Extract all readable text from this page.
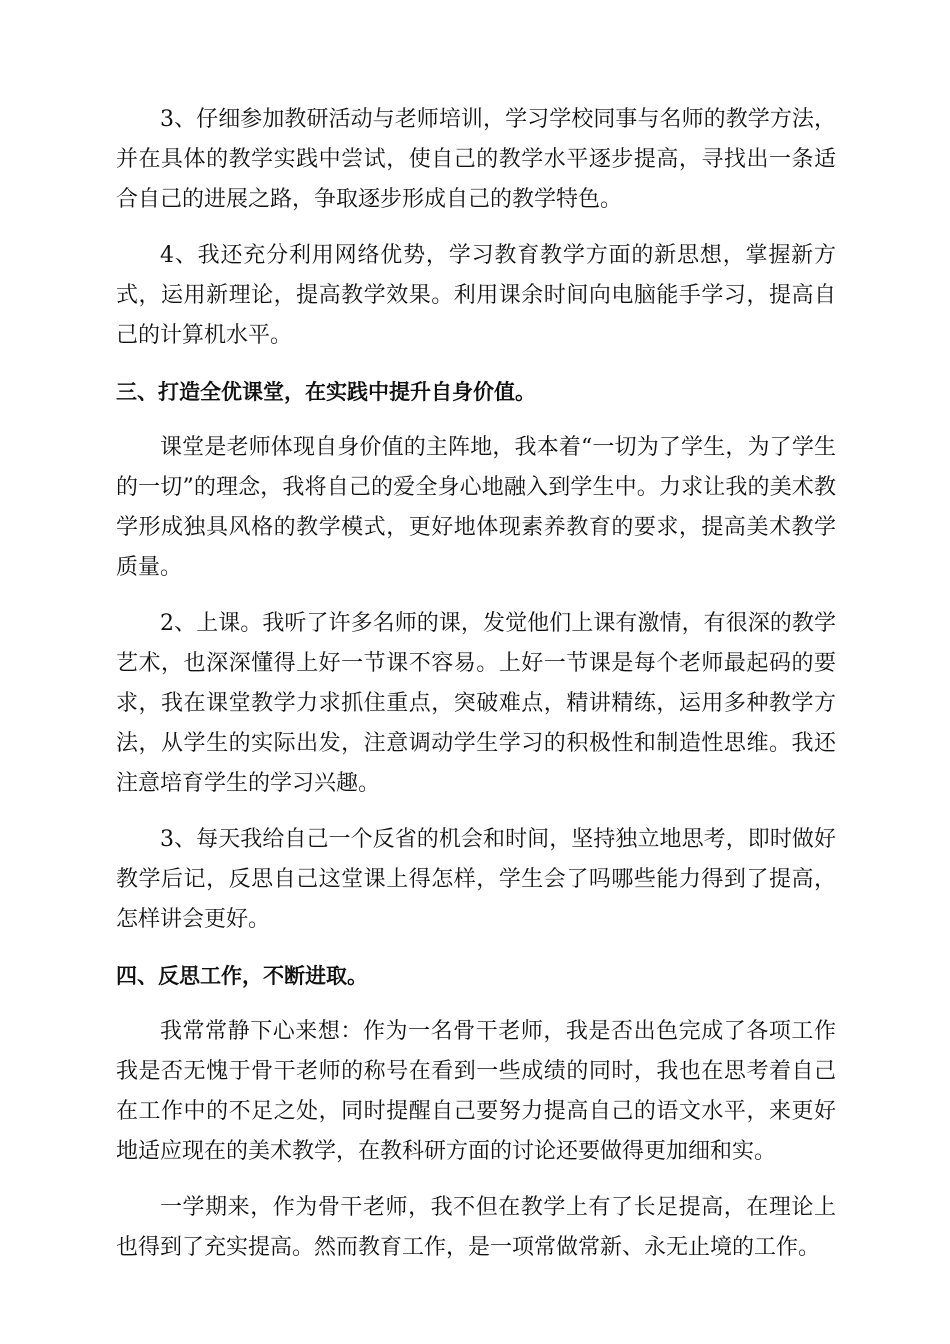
3、仔细参加教研活动与老师培训，学习学校同事与名师的教学方法，并在具体的教学实践中尝试，使自己的教学水平逐步提高，寻找出一条适合自己的进展之路，争取逐步形成自己的教学特色。

4、我还充分利用网络优势，学习教育教学方面的新思想，掌握新方式，运用新理论，提高教学效果。利用课余时间向电脑能手学习，提高自己的计算机水平。

三、打造全优课堂，在实践中提升自身价值。

课堂是老师体现自身价值的主阵地，我本着“一切为了学生，为了学生的一切”的理念，我将自己的爱全身心地融入到学生中。力求让我的美术教学形成独具风格的教学模式，更好地体现素养教育的要求，提高美术教学质量。

2、上课。我听了许多名师的课，发觉他们上课有激情，有很深的教学艺术，也深深懂得上好一节课不容易。上好一节课是每个老师最起码的要求，我在课堂教学力求抓住重点，突破难点，精讲精练，运用多种教学方法，从学生的实际出发，注意调动学生学习的积极性和制造性思维。我还注意培育学生的学习兴趣。

3、每天我给自己一个反省的机会和时间，坚持独立地思考，即时做好教学后记，反思自己这堂课上得怎样，学生会了吗哪些能力得到了提高，怎样讲会更好。

四、反思工作，不断进取。

我常常静下心来想：作为一名骨干老师，我是否出色完成了各项工作我是否无愧于骨干老师的称号在看到一些成绩的同时，我也在思考着自己在工作中的不足之处，同时提醒自己要努力提高自己的语文水平，来更好地适应现在的美术教学，在教科研方面的讨论还要做得更加细和实。

一学期来，作为骨干老师，我不但在教学上有了长足提高，在理论上也得到了充实提高。然而教育工作，是一项常做常新、永无止境的工作。
